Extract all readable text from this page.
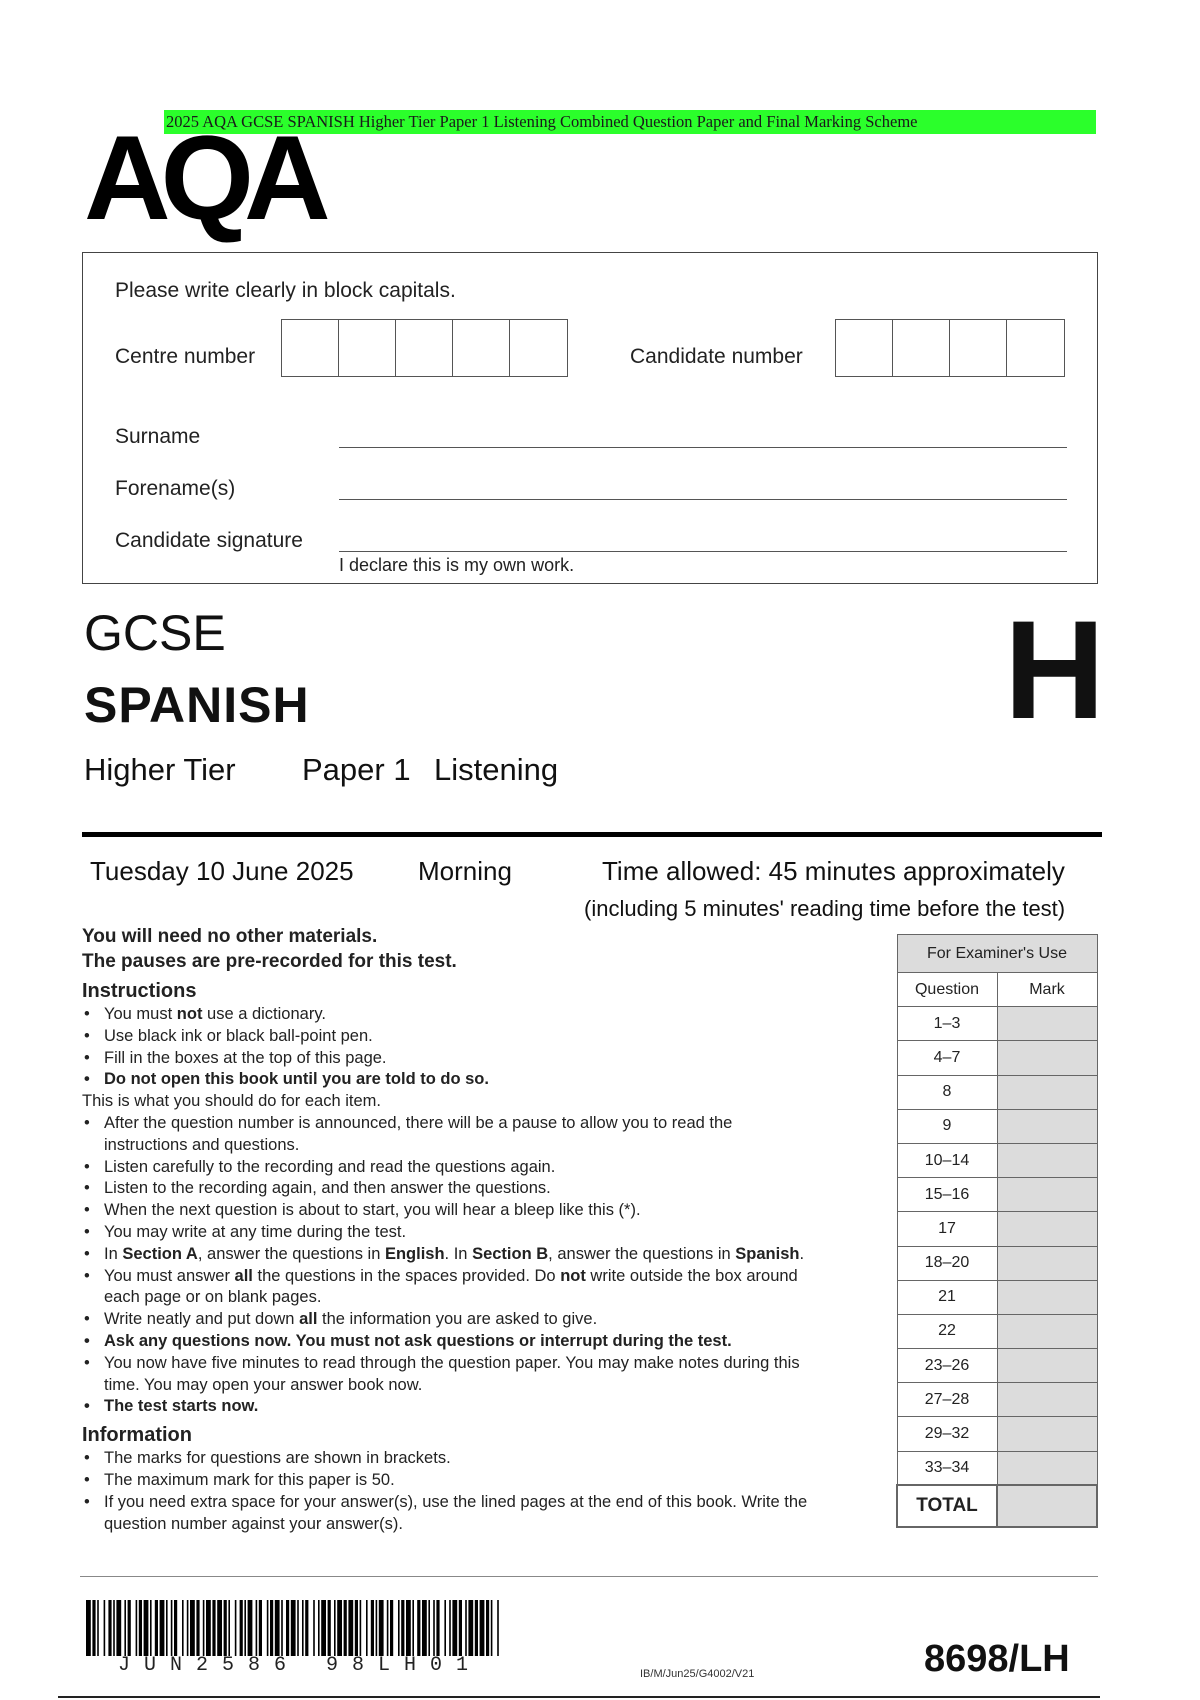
2025 AQA GCSE SPANISH Higher Tier Paper 1 Listening Combined Question Paper and Final Marking Scheme
AQA
Please write clearly in block capitals.
Centre number	Candidate number
Surname
Forename(s)
Candidate signature
I declare this is my own work.
GCSE
SPANISH	H
Higher Tier Paper 1 Listening
Tuesday 10 June 2025 Morning	Time allowed: 45 minutes approximately
(including 5 minutes' reading time before the test)
You will need no other materials.
The pauses are pre-recorded for this test.
Instructions
• You must not use a dictionary.
• Use black ink or black ball-point pen.
• Fill in the boxes at the top of this page.
• Do not open this book until you are told to do so.
This is what you should do for each item.
• After the question number is announced, there will be a pause to allow you to read the instructions and questions.
• Listen carefully to the recording and read the questions again.
• Listen to the recording again, and then answer the questions.
• When the next question is about to start, you will hear a bleep like this (*).
• You may write at any time during the test.
• In Section A, answer the questions in English. In Section B, answer the questions in Spanish.
• You must answer all the questions in the spaces provided. Do not write outside the box around each page or on blank pages.
• Write neatly and put down all the information you are asked to give.
• Ask any questions now. You must not ask questions or interrupt during the test.
• You now have five minutes to read through the question paper. You may make notes during this time. You may open your answer book now.
• The test starts now.
Information
• The marks for questions are shown in brackets.
• The maximum mark for this paper is 50.
• If you need extra space for your answer(s), use the lined pages at the end of this book. Write the question number against your answer(s).
For Examiner's Use	
Question	Mark
1–3	
4–7	
8	
9	
10–14	
15–16	
17	
18–20	
21	
22	
23–26	
27–28	
29–32	
33–34	
TOTAL	
JUN2586 98LH01	IB/M/Jun25/G4002/V21	8698/LH
